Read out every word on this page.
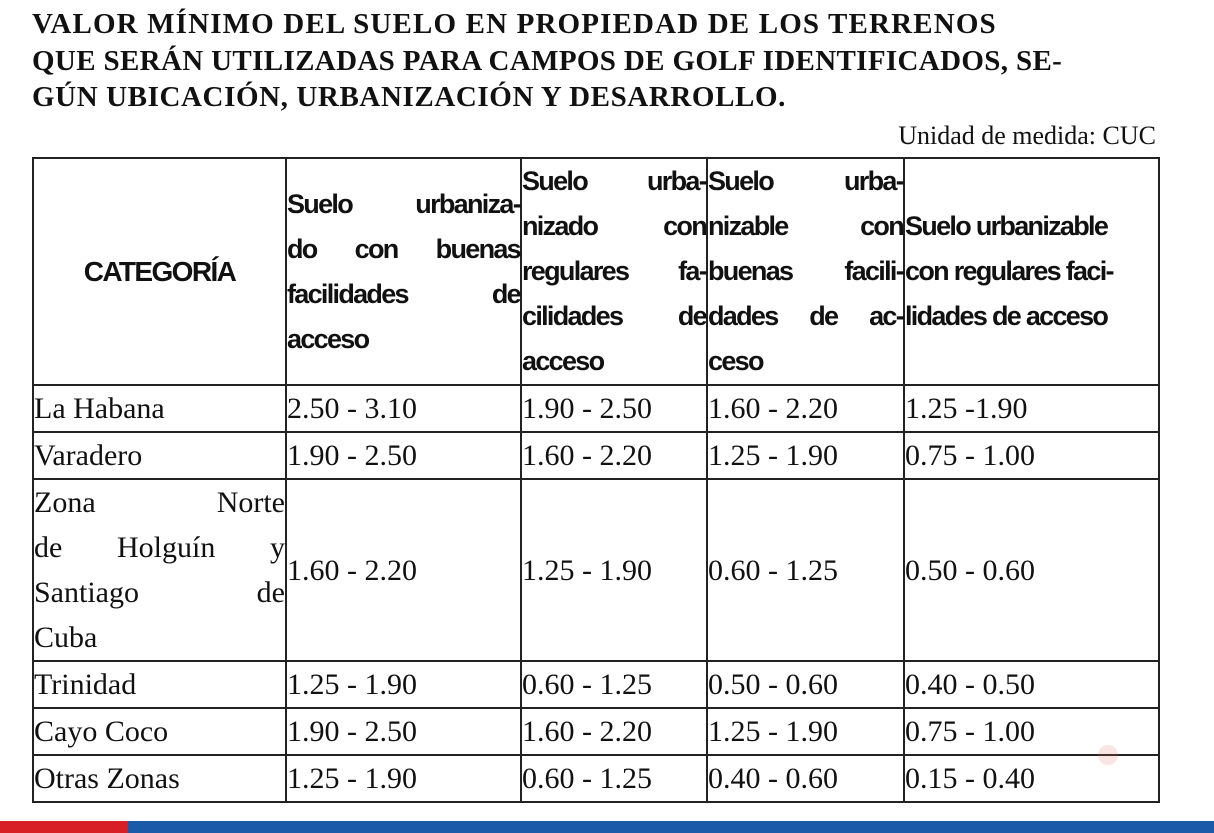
VALOR MÍNIMO DEL SUELO EN PROPIEDAD DE LOS TERRENOS
QUE SERÁN UTILIZADAS PARA CAMPOS DE GOLF IDENTIFICADOS, SE-
GÚN UBICACIÓN, URBANIZACIÓN Y DESARROLLO.
Unidad de medida: CUC
CATEGORÍA	Suelo urbaniza-
do con buenas
facilidades de
acceso	Suelo urba-
nizado con
regulares fa-
cilidades de
acceso	Suelo urba-
nizable con
buenas facili-
dades de ac-
ceso	Suelo urbanizable
con regulares faci-
lidades de acceso

La Habana	2.50 - 3.10	1.90 - 2.50	1.60 - 2.20	1.25 -1.90
Varadero	1.90 - 2.50	1.60 - 2.20	1.25 - 1.90	0.75 - 1.00

Zona Norte
de Holguín y
Santiago de
Cuba	1.60 - 2.20	1.25 - 1.90	0.60 - 1.25	0.50 - 0.60
Trinidad	1.25 - 1.90	0.60 - 1.25	0.50 - 0.60	0.40 - 0.50
Cayo Coco	1.90 - 2.50	1.60 - 2.20	1.25 - 1.90	0.75 - 1.00
Otras Zonas	1.25 - 1.90	0.60 - 1.25	0.40 - 0.60	0.15 - 0.40
